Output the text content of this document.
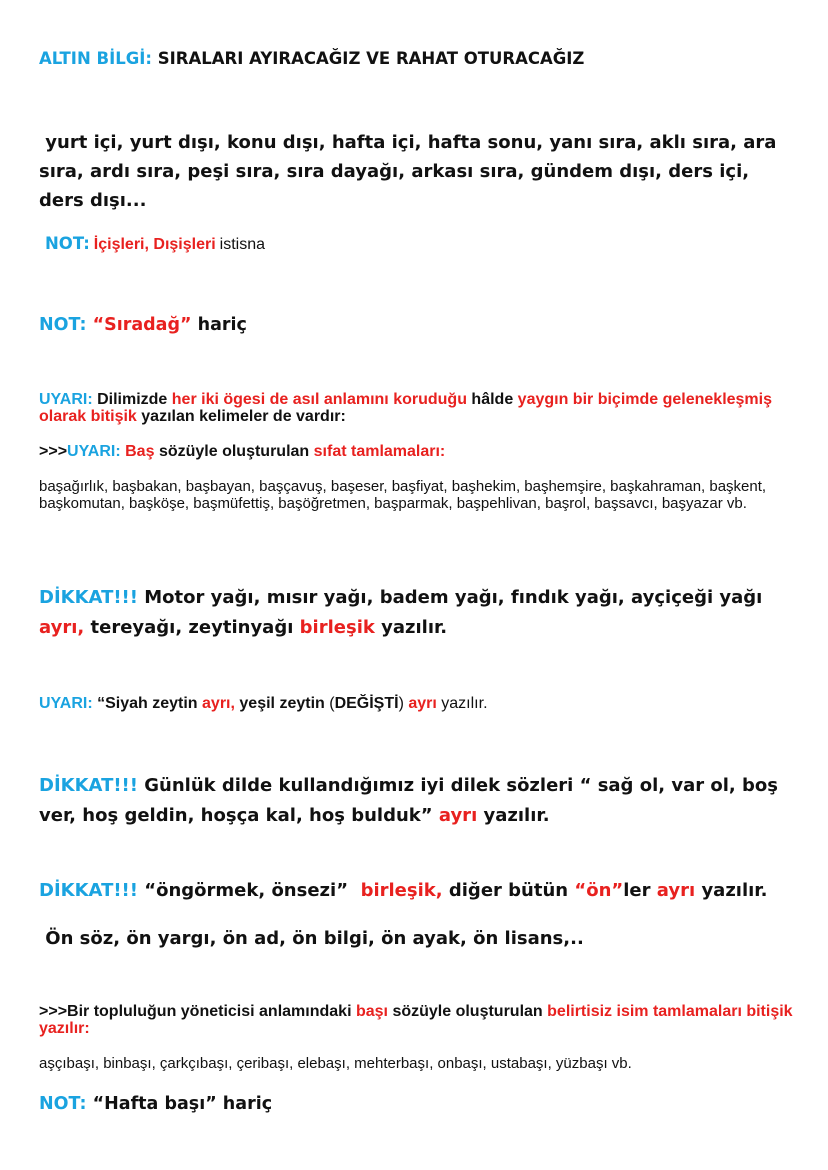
ALTIN BİLGİ: SIRALARI AYIRACAĞIZ VE RAHAT OTURACAĞIZ
yurt içi, yurt dışı, konu dışı, hafta içi, hafta sonu, yanı sıra, aklı sıra, ara sıra, ardı sıra, peşi sıra, sıra dayağı, arkası sıra, gündem dışı, ders içi, ders dışı...
NOT: İçişleri, Dışişleri istisna
NOT: “Sıradağ” hariç
UYARI: Dilimizde her iki ögesi de asıl anlamını koruduğu hâlde yaygın bir biçimde gelenekleşmiş olarak bitişik yazılan kelimeler de vardır:
>>>UYARI: Baş sözüyle oluşturulan sıfat tamlamaları:
başağırlık, başbakan, başbayan, başçavuş, başeser, başfiyat, başhekim, başhemşire, başkahraman, başkent, başkomutan, başköşe, başmüfettiş, başöğretmen, başparmak, başpehlivan, başrol, başsavcı, başyazar vb.
DİKKAT!!! Motor yağı, mısır yağı, badem yağı, fındık yağı, ayçiçeği yağı ayrı, tereyağı, zeytinyağı birleşik yazılır.
UYARI: “Siyah zeytin ayrı, yeşil zeytin (DEĞİŞTİ) ayrı yazılır.
DİKKAT!!! Günlük dilde kullandığımız iyi dilek sözleri “ sağ ol, var ol, boş ver, hoş geldin, hoşça kal, hoş bulduk” ayrı yazılır.
DİKKAT!!! “öngörmek, önsezi” birleşik, diğer bütün “ön”ler ayrı yazılır.
Ön söz, ön yargı, ön ad, ön bilgi, ön ayak, ön lisans,..
>>>Bir topluluğun yöneticisi anlamındaki başı sözüyle oluşturulan belirtisiz isim tamlamaları bitişik yazılır:
aşçıbaşı, binbaşı, çarkçıbaşı, çeribaşı, elebaşı, mehterbaşı, onbaşı, ustabaşı, yüzbaşı vb.
NOT: “Hafta başı” hariç
